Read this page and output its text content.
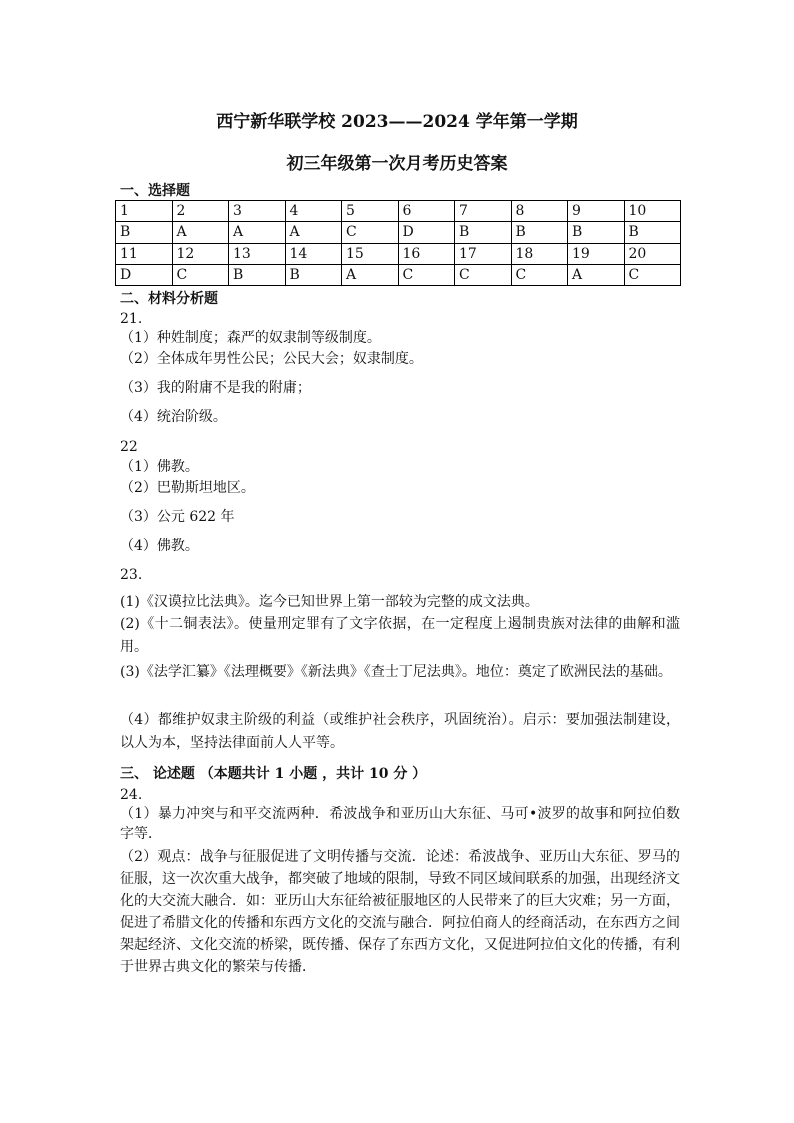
西宁新华联学校 2023——2024 学年第一学期
初三年级第一次月考历史答案
一、选择题
1	2	3	4	5	6	7	8	9	10
B	A	A	A	C	D	B	B	B	B
11	12	13	14	15	16	17	18	19	20
D	C	B	B	A	C	C	C	A	C
二、材料分析题
21.
（1）种姓制度；森严的奴隶制等级制度。
（2）全体成年男性公民；公民大会；奴隶制度。
（3）我的附庸不是我的附庸；
（4）统治阶级。
22
（1）佛教。
（2）巴勒斯坦地区。
（3）公元 622 年
（4）佛教。
23.
(1)《汉谟拉比法典》。迄今已知世界上第一部较为完整的成文法典。
(2)《十二铜表法》。使量刑定罪有了文字依据，在一定程度上遏制贵族对法律的曲解和滥用。
(3)《法学汇纂》《法理概要》《新法典》《查士丁尼法典》。地位：奠定了欧洲民法的基础。
（4）都维护奴隶主阶级的利益（或维护社会秩序，巩固统治）。启示：要加强法制建设，以人为本，坚持法律面前人人平等。
三、 论述题 （本题共计 1 小题 ，共计 10 分 ）
24.
（1）暴力冲突与和平交流两种．希波战争和亚历山大东征、马可•波罗的故事和阿拉伯数字等．
（2）观点：战争与征服促进了文明传播与交流．论述：希波战争、亚历山大东征、罗马的征服，这一次次重大战争，都突破了地域的限制，导致不同区域间联系的加强，出现经济文化的大交流大融合．如：亚历山大东征给被征服地区的人民带来了的巨大灾难；另一方面，促进了希腊文化的传播和东西方文化的交流与融合．阿拉伯商人的经商活动，在东西方之间架起经济、文化交流的桥梁，既传播、保存了东西方文化，又促进阿拉伯文化的传播，有利于世界古典文化的繁荣与传播．
